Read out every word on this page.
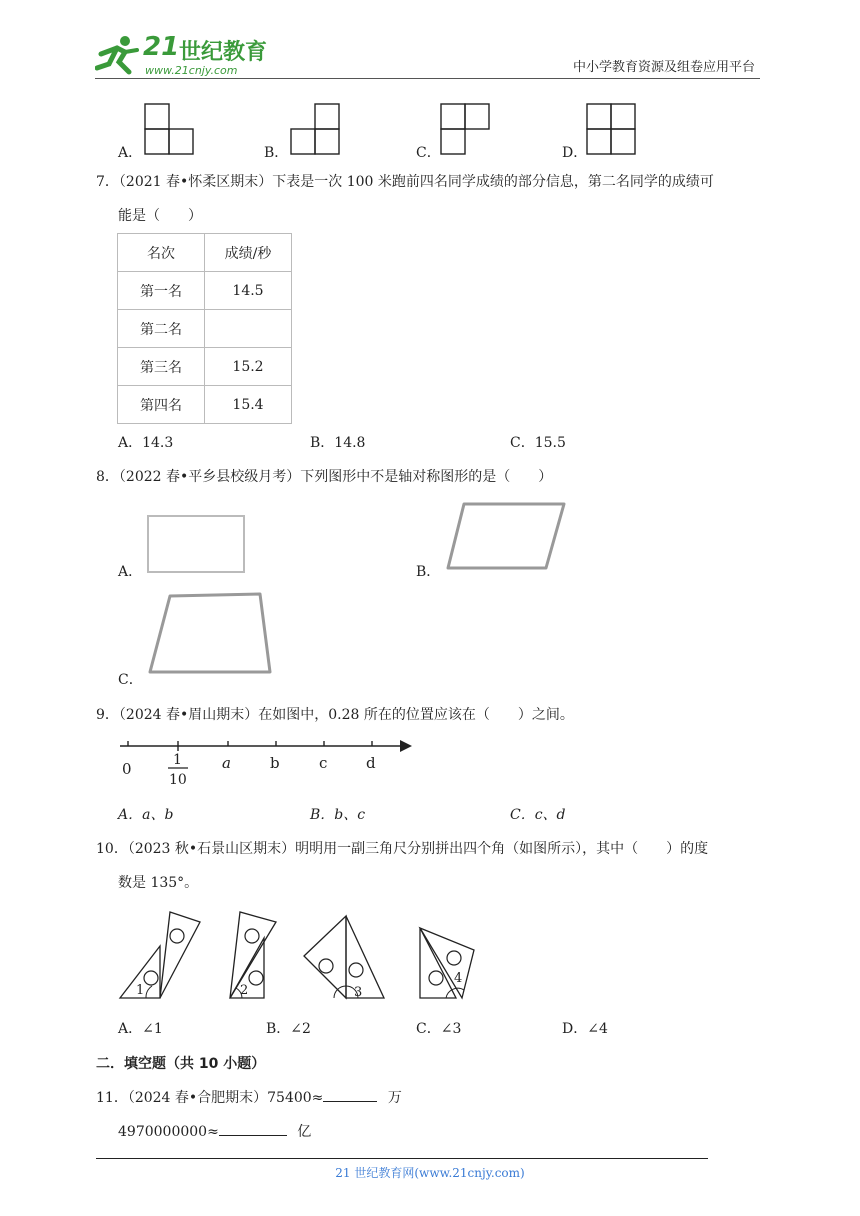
21 世纪教育
www.21cnjy.com	中小学教育资源及组卷应用平台
A．	B．	C．	D．
7．（2021 春•怀柔区期末）下表是一次 100 米跑前四名同学成绩的部分信息，第二名同学的成绩可
能是（　　）
名次	成绩/秒
第一名	14.5
第二名	
第三名	15.2
第四名	15.4
A．14.3	B．14.8	C．15.5
8．（2022 春•平乡县校级月考）下列图形中不是轴对称图形的是（　　）
A．	B．
C．
9．（2024 春•眉山期末）在如图中，0.28 所在的位置应该在（　　）之间。
0	1
10
a	b	c	d
A．a、b	B．b、c	C．c、d
10．（2023 秋•石景山区期末）明明用一副三角尺分别拼出四个角（如图所示），其中（　　）的度
数是 135°。
1	2	3
4
A．∠1	B．∠2	C．∠3	D．∠4
二．填空题（共 10 小题）
11．（2024 春•合肥期末）75400≈	万
4970000000≈	亿
21 世纪教育网(www.21cnjy.com)
